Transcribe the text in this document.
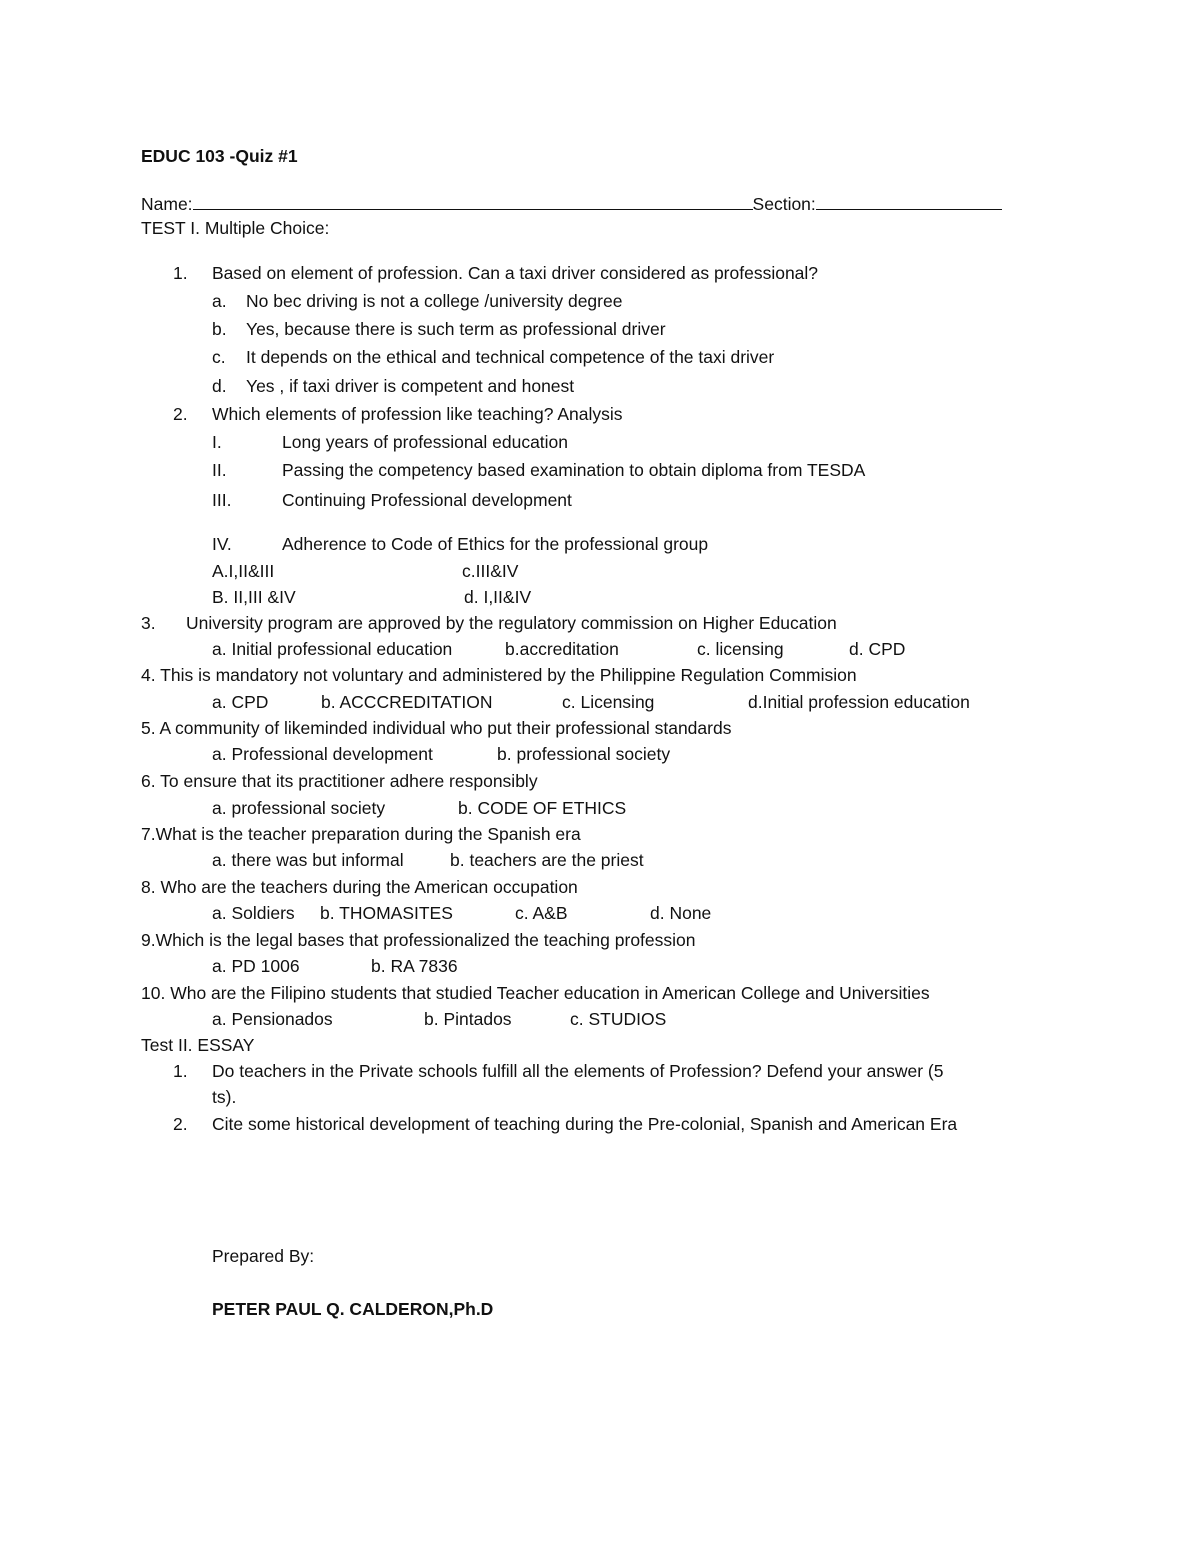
EDUC 103 -Quiz #1
Name:	Section:
TEST I. Multiple Choice:
1. Based on element of profession. Can a taxi driver considered as professional?
a. No bec driving is not a college /university degree
b. Yes, because there is such term as professional driver
c. It depends on the ethical and technical competence of the taxi driver
d. Yes , if taxi driver is competent and honest
2. Which elements of profession like teaching? Analysis
I.	Long years of professional education
II.	Passing the competency based examination to obtain diploma from TESDA
III.	Continuing Professional development
IV.	Adherence to Code of Ethics for the professional group
A.I,II&III	c.III&IV
B. II,III &IV	d. I,II&IV
3. University program are approved by the regulatory commission on Higher Education
a. Initial professional education	b.accreditation	c. licensing	d. CPD
4. This is mandatory not voluntary and administered by the Philippine Regulation Commision
a. CPD	b. ACCCREDITATION	c. Licensing	d.Initial profession education
5. A community of likeminded individual who put their professional standards
a. Professional development	b. professional society
6. To ensure that its practitioner adhere responsibly
a. professional society	b. CODE OF ETHICS
7.What is the teacher preparation during the Spanish era
a. there was but informal	b. teachers are the priest
8. Who are the teachers during the American occupation
a. Soldiers b. THOMASITES	c. A&B	d. None
9.Which is the legal bases that professionalized the teaching profession
a. PD 1006	b. RA 7836
10. Who are the Filipino students that studied Teacher education in American College and Universities
a. Pensionados	b. Pintados	c. STUDIOS
Test II. ESSAY
1. Do teachers in the Private schools fulfill all the elements of Profession? Defend your answer (5
ts).
2. Cite some historical development of teaching during the Pre-colonial, Spanish and American Era
Prepared By:
PETER PAUL Q. CALDERON,Ph.D
